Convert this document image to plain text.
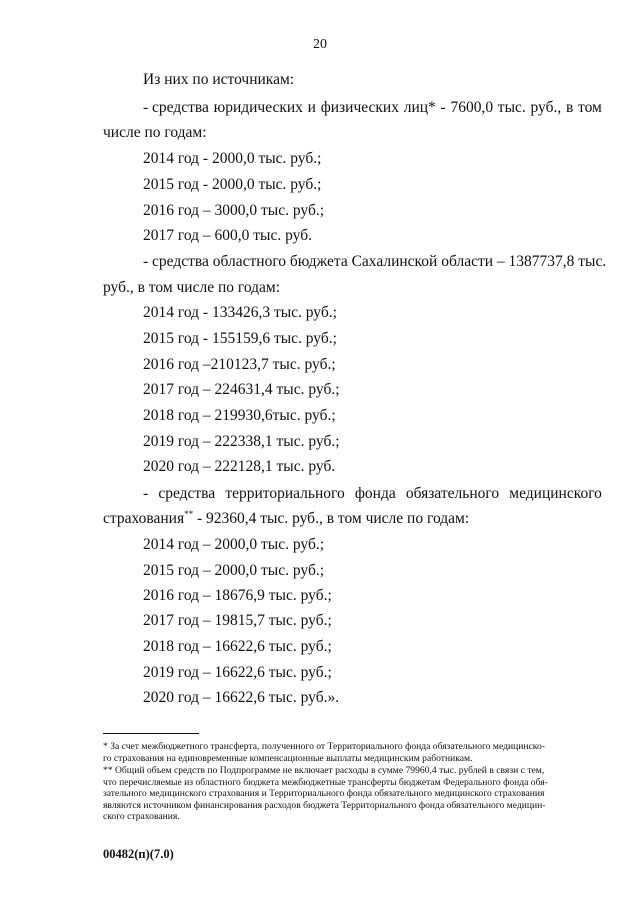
20
Из них по источникам:
- средства юридических и физических лиц* - 7600,0 тыс. руб., в том
числе по годам:
2014 год - 2000,0 тыс. руб.;
2015 год - 2000,0 тыс. руб.;
2016 год – 3000,0 тыс. руб.;
2017 год – 600,0 тыс. руб.
- средства областного бюджета Сахалинской области – 1387737,8 тыс.
руб., в том числе по годам:
2014 год - 133426,3 тыс. руб.;
2015 год - 155159,6 тыс. руб.;
2016 год –210123,7 тыс. руб.;
2017 год – 224631,4 тыс. руб.;
2018 год – 219930,6тыс. руб.;
2019 год – 222338,1 тыс. руб.;
2020 год – 222128,1 тыс. руб.
- средства территориального фонда обязательного медицинского
страхования** - 92360,4 тыс. руб., в том числе по годам:
2014 год – 2000,0 тыс. руб.;
2015 год – 2000,0 тыс. руб.;
2016 год – 18676,9 тыс. руб.;
2017 год – 19815,7 тыс. руб.;
2018 год – 16622,6 тыс. руб.;
2019 год – 16622,6 тыс. руб.;
2020 год – 16622,6 тыс. руб.».
* За счет межбюджетного трансферта, полученного от Территориального фонда обязательного медицинско-
го страхования на единовременные компенсационные выплаты медицинским работникам.
** Общий объем средств по Подпрограмме не включает расходы в сумме 79960,4 тыс. рублей в связи с тем,
что перечисляемые из областного бюджета межбюджетные трансферты бюджетам Федерального фонда обя-
зательного медицинского страхования и Территориального фонда обязательного медицинского страхования
являются источником финансирования расходов бюджета Территориального фонда обязательного медицин-
ского страхования.
00482(п)(7.0)
